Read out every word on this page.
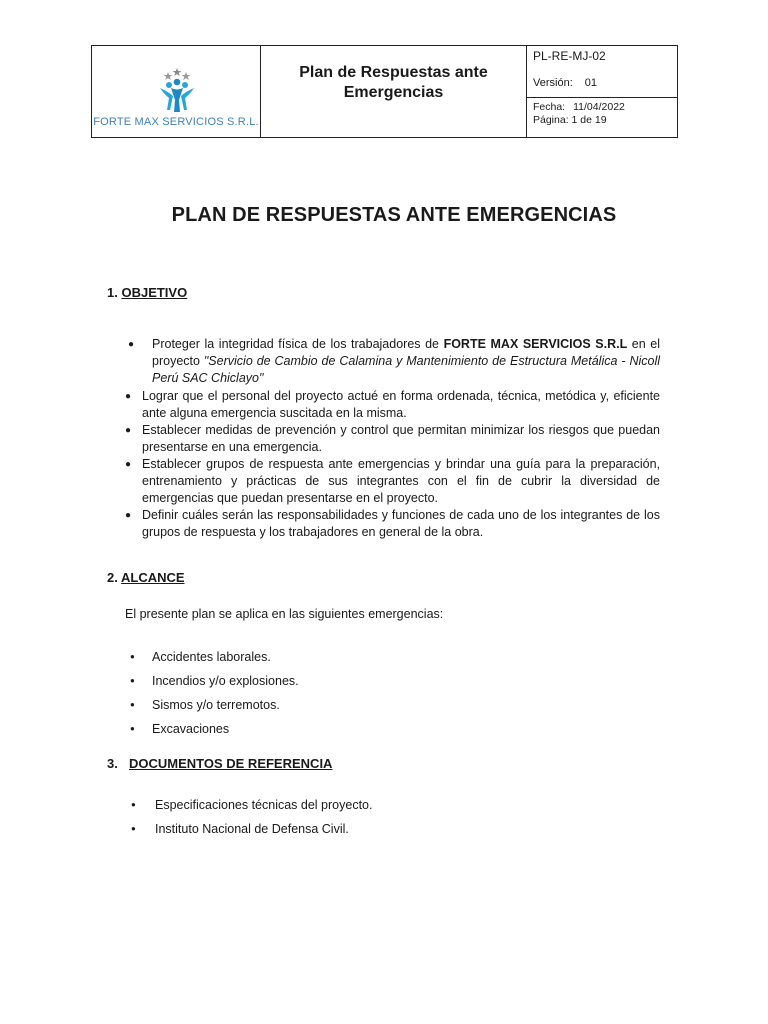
FORTE MAX SERVICIOS S.R.L.
Plan de Respuestas ante Emergencias
PL-RE-MJ-02
Versión: 01
Fecha: 11/04/2022
Página: 1 de 19
PLAN DE RESPUESTAS ANTE EMERGENCIAS
1. OBJETIVO
● Proteger la integridad física de los trabajadores de FORTE MAX SERVICIOS S.R.L en el proyecto "Servicio de Cambio de Calamina y Mantenimiento de Estructura Metálica - Nicoll Perú SAC Chiclayo"
● Lograr que el personal del proyecto actué en forma ordenada, técnica, metódica y, eficiente ante alguna emergencia suscitada en la misma.
● Establecer medidas de prevención y control que permitan minimizar los riesgos que puedan presentarse en una emergencia.
● Establecer grupos de respuesta ante emergencias y brindar una guía para la preparación, entrenamiento y prácticas de sus integrantes con el fin de cubrir la diversidad de emergencias que puedan presentarse en el proyecto.
● Definir cuáles serán las responsabilidades y funciones de cada uno de los integrantes de los grupos de respuesta y los trabajadores en general de la obra.
2. ALCANCE
El presente plan se aplica en las siguientes emergencias:
● Accidentes laborales.
● Incendios y/o explosiones.
● Sismos y/o terremotos.
● Excavaciones
3. DOCUMENTOS DE REFERENCIA
● Especificaciones técnicas del proyecto.
● Instituto Nacional de Defensa Civil.
